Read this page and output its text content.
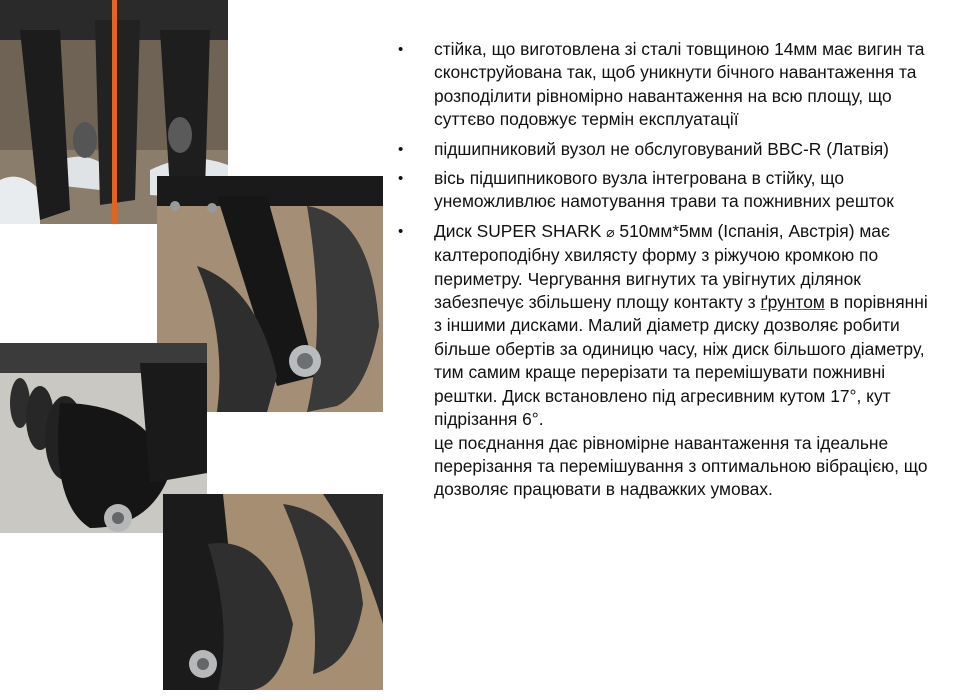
• стійка, що виготовлена зі сталі товщиною 14мм має вигин та сконструйована так, щоб уникнути бічного навантаження та розподілити рівномірно навантаження на всю площу, що суттєво подовжує термін експлуатації
• підшипниковий вузол не обслуговуваний BBC-R (Латвія)
• вісь підшипникового вузла інтегрована в стійку, що унеможливлює намотування трави та пожнивних решток
• Диск SUPER SHARK ⌀ 510мм*5мм (Іспанія, Австрія) має калтероподібну хвилясту форму з ріжучою кромкою по периметру. Чергування вигнутих та увігнутих ділянок забезпечує збільшену площу контакту з ґрунтом в порівнянні з іншими дисками. Малий діаметр диску дозволяє робити більше обертів за одиницю часу, ніж диск більшого діаметру, тим самим краще перерізати та перемішувати пожнивні рештки. Диск встановлено під агресивним кутом 17°, кут підрізання 6°.
це поєднання дає рівномірне навантаження та ідеальне перерізання та перемішування з оптимальною вібрацією, що дозволяє працювати в надважких умовах.
